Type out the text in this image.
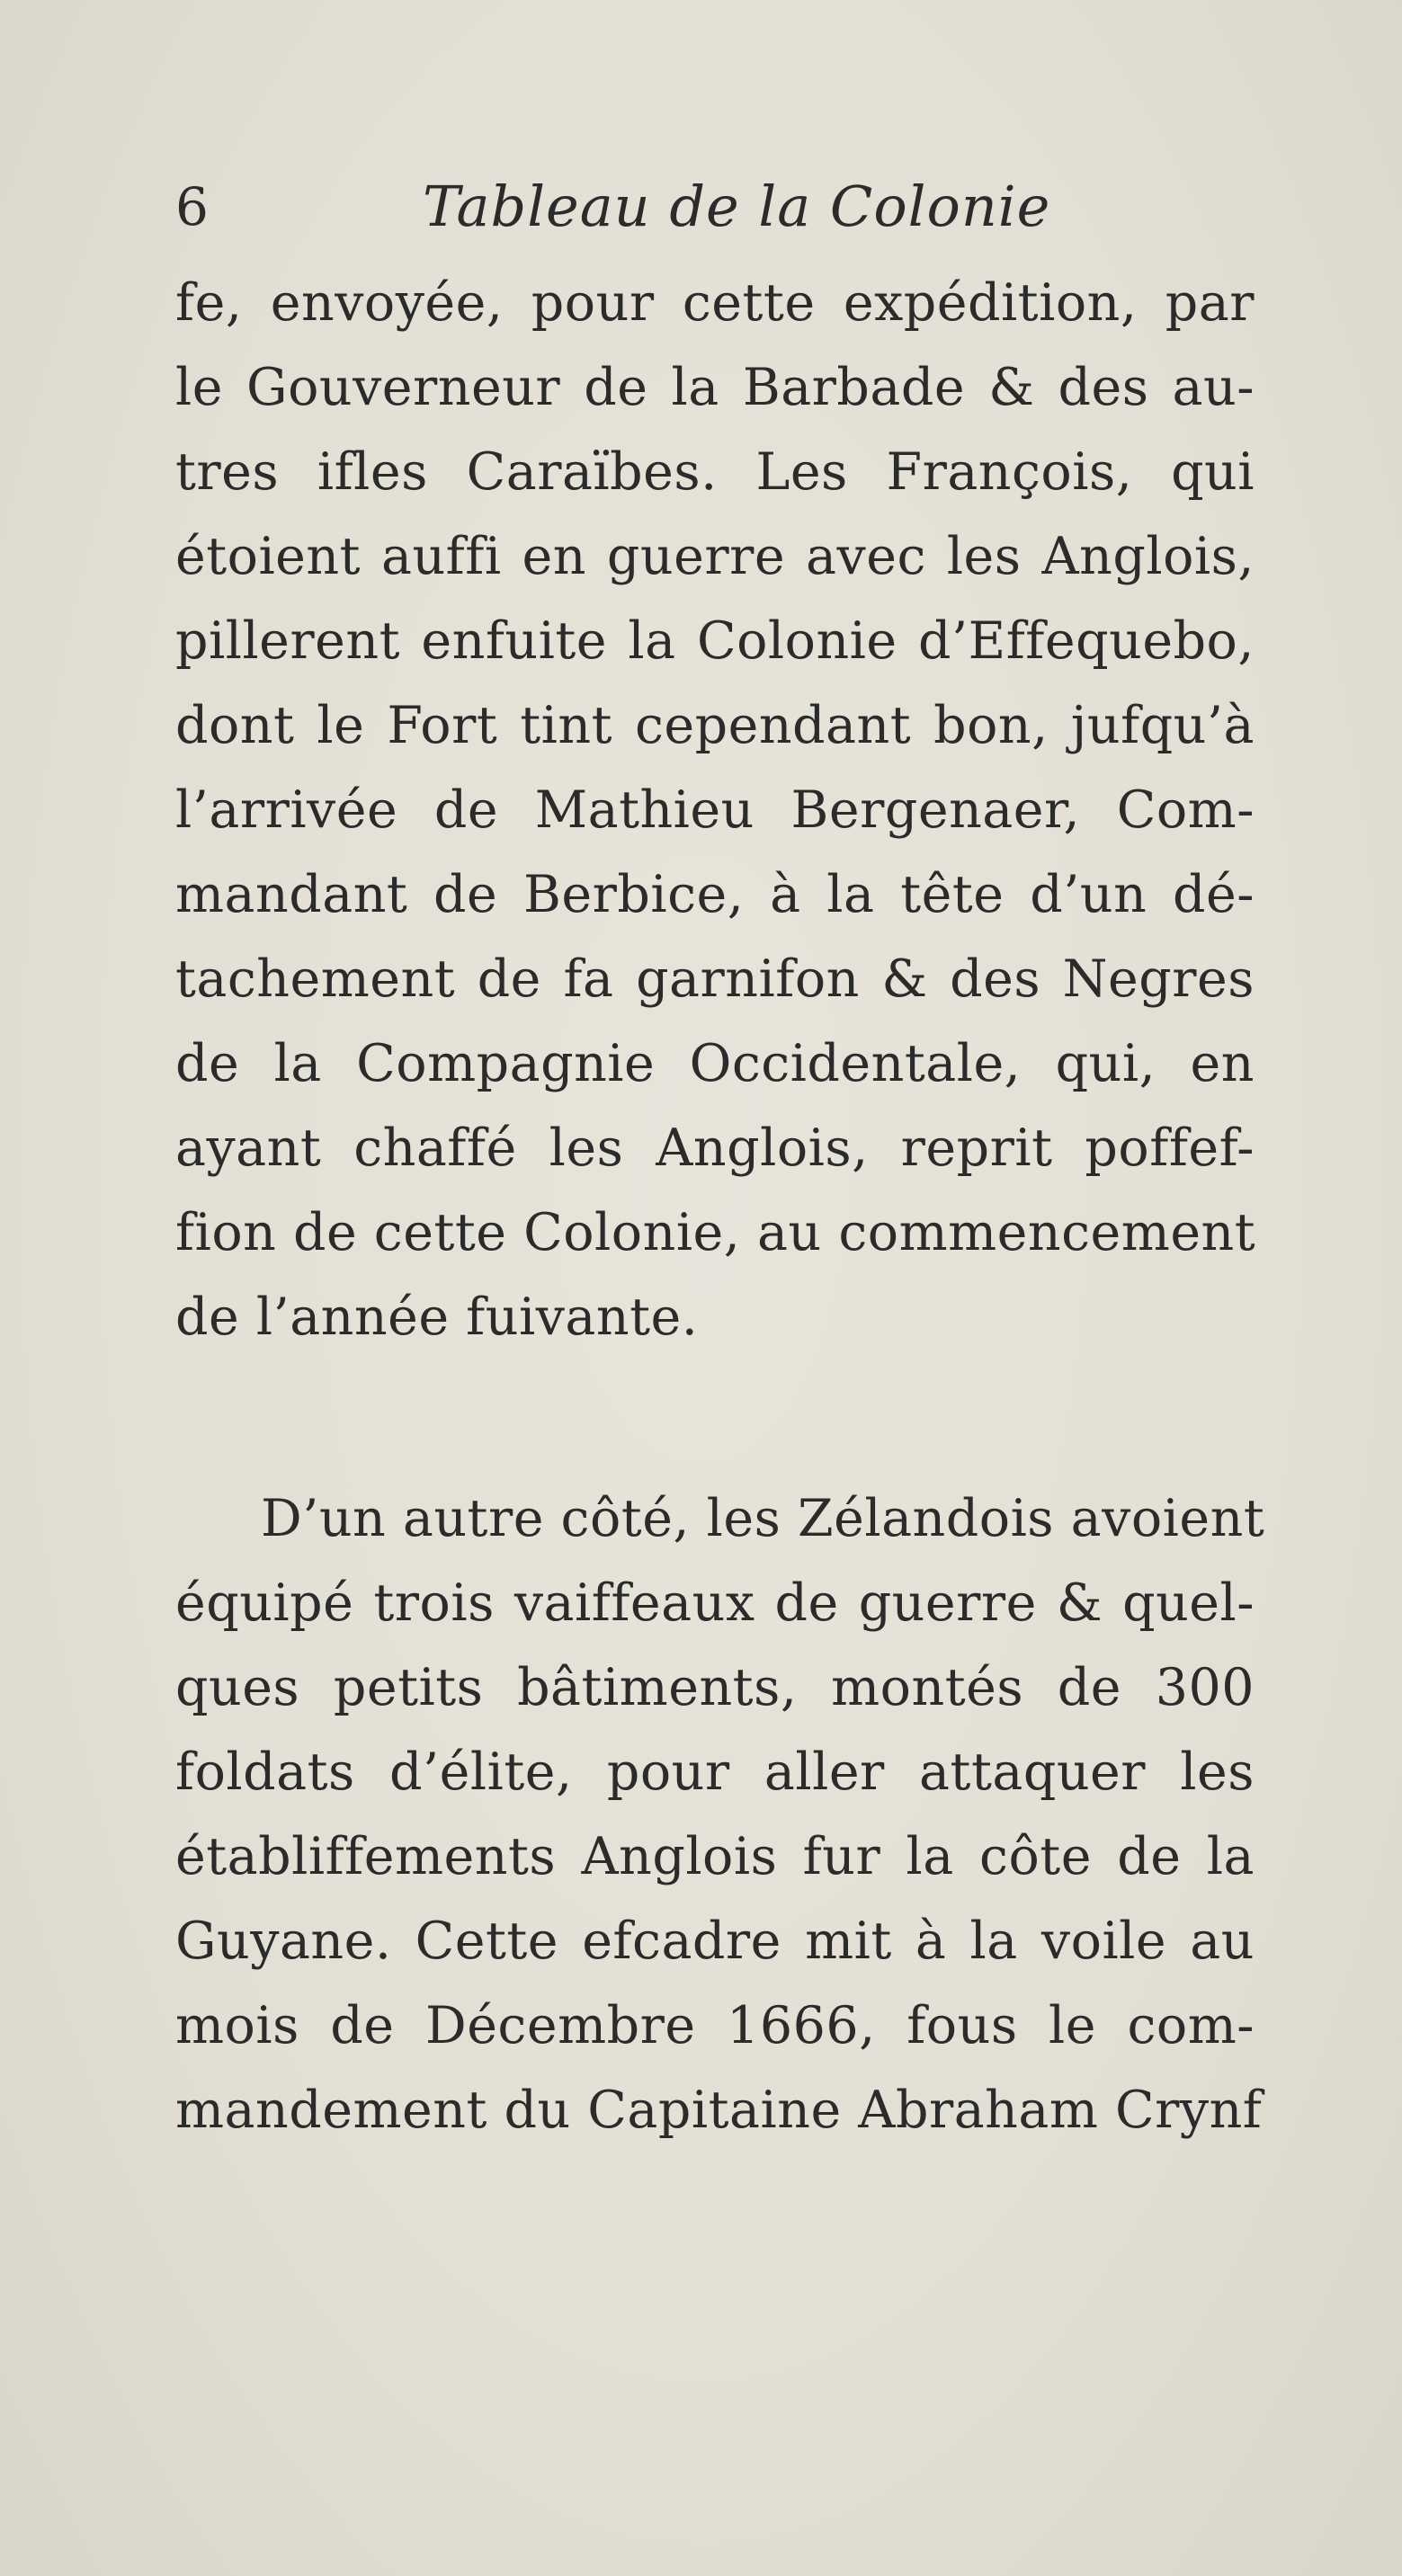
6	Tableau de la Colonie
fe, envoyée, pour cette expédition, par
le Gouverneur de la Barbade & des au-
tres ifles Caraïbes. Les François, qui
étoient auffi en guerre avec les Anglois,
pillerent enfuite la Colonie d’Effequebo,
dont le Fort tint cependant bon, jufqu’à
l’arrivée de Mathieu Bergenaer, Com-
mandant de Berbice, à la tête d’un dé-
tachement de fa garnifon & des Negres
de la Compagnie Occidentale, qui, en
ayant chaffé les Anglois, reprit poffef-
fion de cette Colonie, au commencement
de l’année fuivante.
D’un autre côté, les Zélandois avoient
équipé trois vaiffeaux de guerre & quel-
ques petits bâtiments, montés de 300
foldats d’élite, pour aller attaquer les
établiffements Anglois fur la côte de la
Guyane. Cette efcadre mit à la voile au
mois de Décembre 1666, fous le com-
mandement du Capitaine Abraham Crynf
